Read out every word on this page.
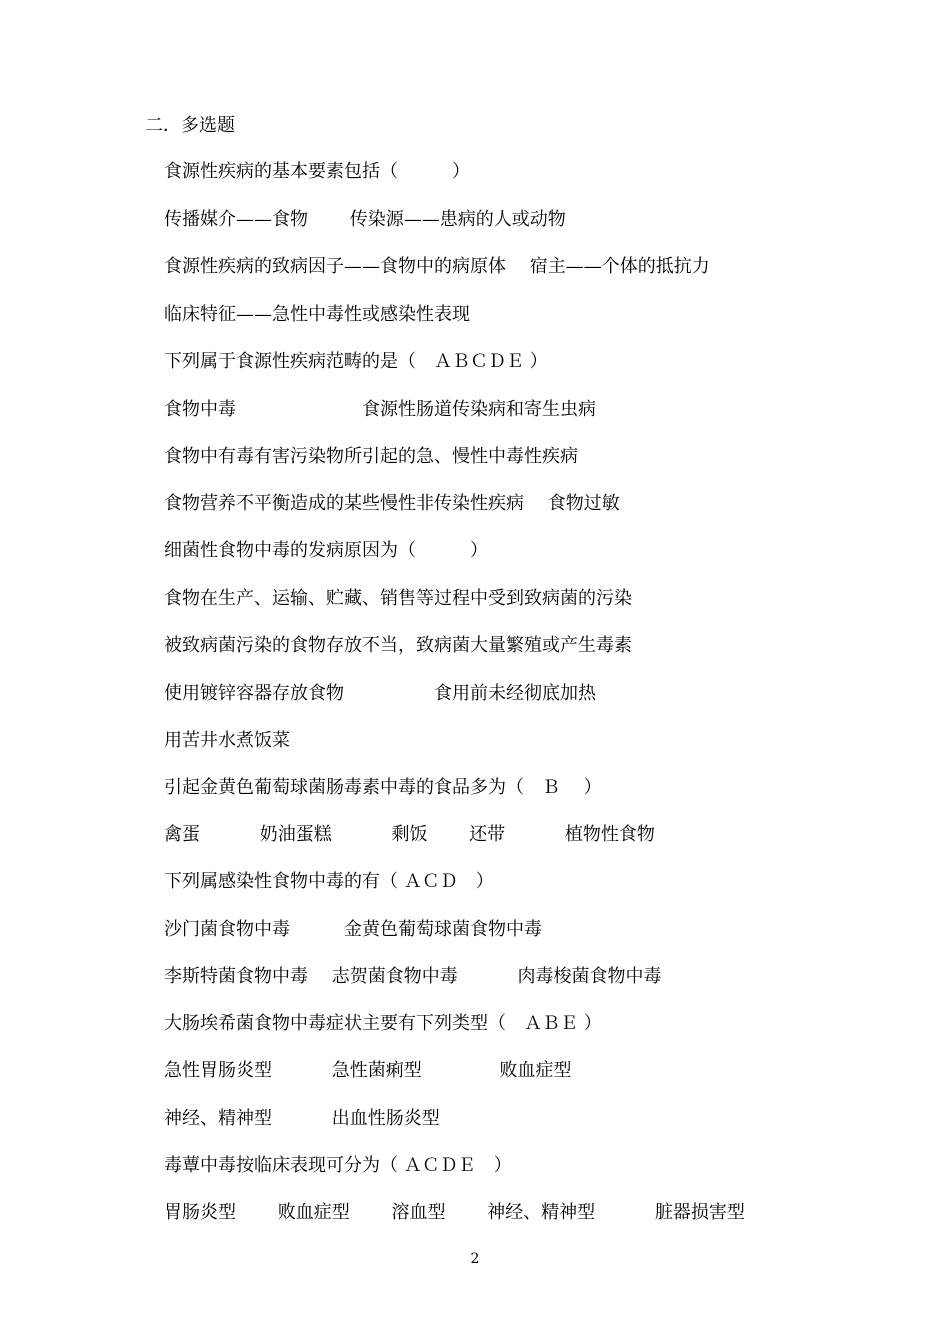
二．多选题
食源性疾病的基本要素包括（　　　）
传播媒介——食物　　 传染源——患病的人或动物
食源性疾病的致病因子——食物中的病原体　 宿主——个体的抵抗力
临床特征——急性中毒性或感染性表现
下列属于食源性疾病范畴的是（　ＡＢＣＤＥ ）
食物中毒　　　　　　　食源性肠道传染病和寄生虫病
食物中有毒有害污染物所引起的急、慢性中毒性疾病
食物营养不平衡造成的某些慢性非传染性疾病　 食物过敏
细菌性食物中毒的发病原因为（　　　）
食物在生产、运输、贮藏、销售等过程中受到致病菌的污染
被致病菌污染的食物存放不当，致病菌大量繁殖或产生毒素
使用镀锌容器存放食物　　　　　食用前未经彻底加热
用苦井水煮饭菜
引起金黄色葡萄球菌肠毒素中毒的食品多为（　Ｂ　 ）
禽蛋　　　 奶油蛋糕　　　 剩饭　　 还带　　　 植物性食物
下列属感染性食物中毒的有（ ＡＣＤ　）
沙门菌食物中毒　　　金黄色葡萄球菌食物中毒
李斯特菌食物中毒　 志贺菌食物中毒　　　 肉毒梭菌食物中毒
大肠埃希菌食物中毒症状主要有下列类型（　ＡＢＥ ）
急性胃肠炎型　　　 急性菌痢型　　　　 败血症型
神经、精神型　　　 出血性肠炎型
毒蕈中毒按临床表现可分为（ ＡＣＤＥ　）
胃肠炎型　　 败血症型　　 溶血型　　 神经、精神型　　　 脏器损害型
2
